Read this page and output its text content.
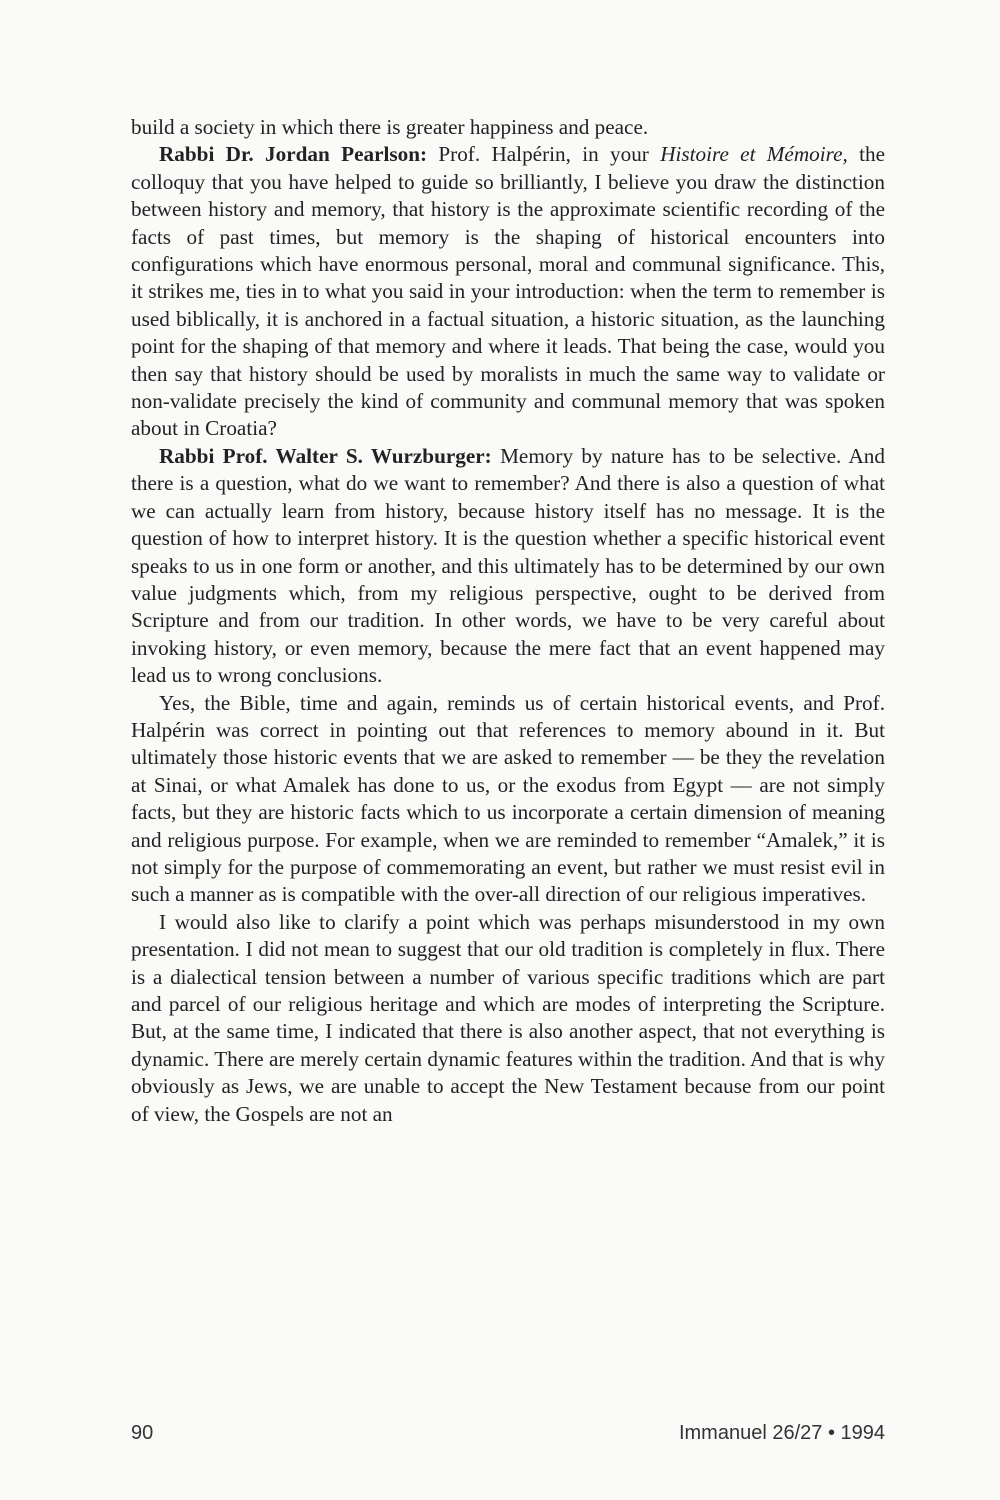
build a society in which there is greater happiness and peace.

Rabbi Dr. Jordan Pearlson: Prof. Halpérin, in your Histoire et Mémoire, the colloquy that you have helped to guide so brilliantly, I believe you draw the distinction between history and memory, that history is the approximate scientific recording of the facts of past times, but memory is the shaping of historical encounters into configurations which have enormous personal, moral and communal significance. This, it strikes me, ties in to what you said in your introduction: when the term to remember is used biblically, it is anchored in a factual situation, a historic situation, as the launching point for the shaping of that memory and where it leads. That being the case, would you then say that history should be used by moralists in much the same way to validate or non-validate precisely the kind of community and communal memory that was spoken about in Croatia?

Rabbi Prof. Walter S. Wurzburger: Memory by nature has to be selective. And there is a question, what do we want to remember? And there is also a question of what we can actually learn from history, because history itself has no message. It is the question of how to interpret history. It is the question whether a specific historical event speaks to us in one form or another, and this ultimately has to be determined by our own value judgments which, from my religious perspective, ought to be derived from Scripture and from our tradition. In other words, we have to be very careful about invoking history, or even memory, because the mere fact that an event happened may lead us to wrong conclusions.

Yes, the Bible, time and again, reminds us of certain historical events, and Prof. Halpérin was correct in pointing out that references to memory abound in it. But ultimately those historic events that we are asked to remember — be they the revelation at Sinai, or what Amalek has done to us, or the exodus from Egypt — are not simply facts, but they are historic facts which to us incorporate a certain dimension of meaning and religious purpose. For example, when we are reminded to remember “Amalek,” it is not simply for the purpose of commemorating an event, but rather we must resist evil in such a manner as is compatible with the over-all direction of our religious imperatives.

I would also like to clarify a point which was perhaps misunderstood in my own presentation. I did not mean to suggest that our old tradition is completely in flux. There is a dialectical tension between a number of various specific traditions which are part and parcel of our religious heritage and which are modes of interpreting the Scripture. But, at the same time, I indicated that there is also another aspect, that not everything is dynamic. There are merely certain dynamic features within the tradition. And that is why obviously as Jews, we are unable to accept the New Testament because from our point of view, the Gospels are not an

90	Immanuel 26/27 • 1994
